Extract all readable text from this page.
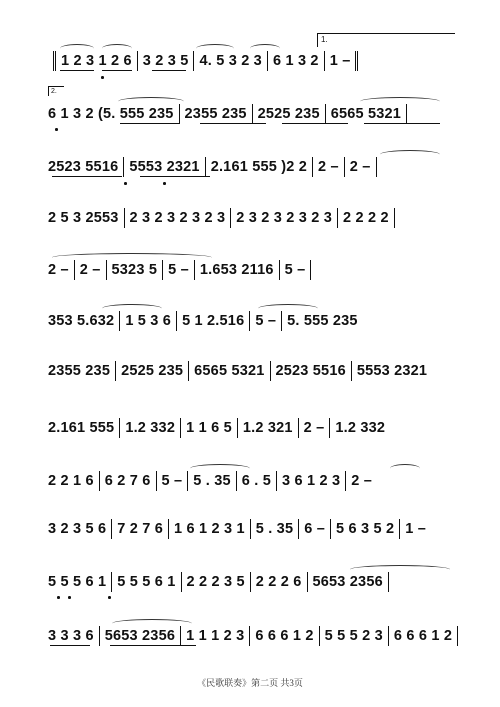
1.
2.
1 2 3 1 2 6 3 2 3 5 4. 5 3 2 3 6 1 3 2 1 –
6 1 3 2 ( 5. 555 235 2355 235 2525 235 6565 5321
2523 5516 5553 2321 2.161 555 ) 2 2 2 – 2 –
2 5 3 2553 2 3 2 3 2 3 2 3 2 3 2 3 2 3 2 3 2 2 2 2
2 – 2 – 5323 5 5 – 1.653 2116 5 –
353 5.632 1 5 3 6 5 1 2.516 5 – 5. 555 235
2355 235 2525 235 6565 5321 2523 5516 5553 2321
2.161 555 1.2 332 1 1 6 5 1.2 321 2 – 1.2 332
2 2 1 6 6 2 7 6 5 – 5 . 35 6 . 5 3 6 1 2 3 2 –
3 2 3 5 6 7 2 7 6 1 6 1 2 3 1 5 . 35 6 – 5 6 3 5 2 1 –
5 5 5 6 1 5 5 5 6 1 2 2 2 3 5 2 2 2 6 5653 2356
3 3 3 6 5653 2356 1 1 1 2 3 6 6 6 1 2 5 5 5 2 3 6 6 6 1 2
《民歌联奏》第二页 共3页
